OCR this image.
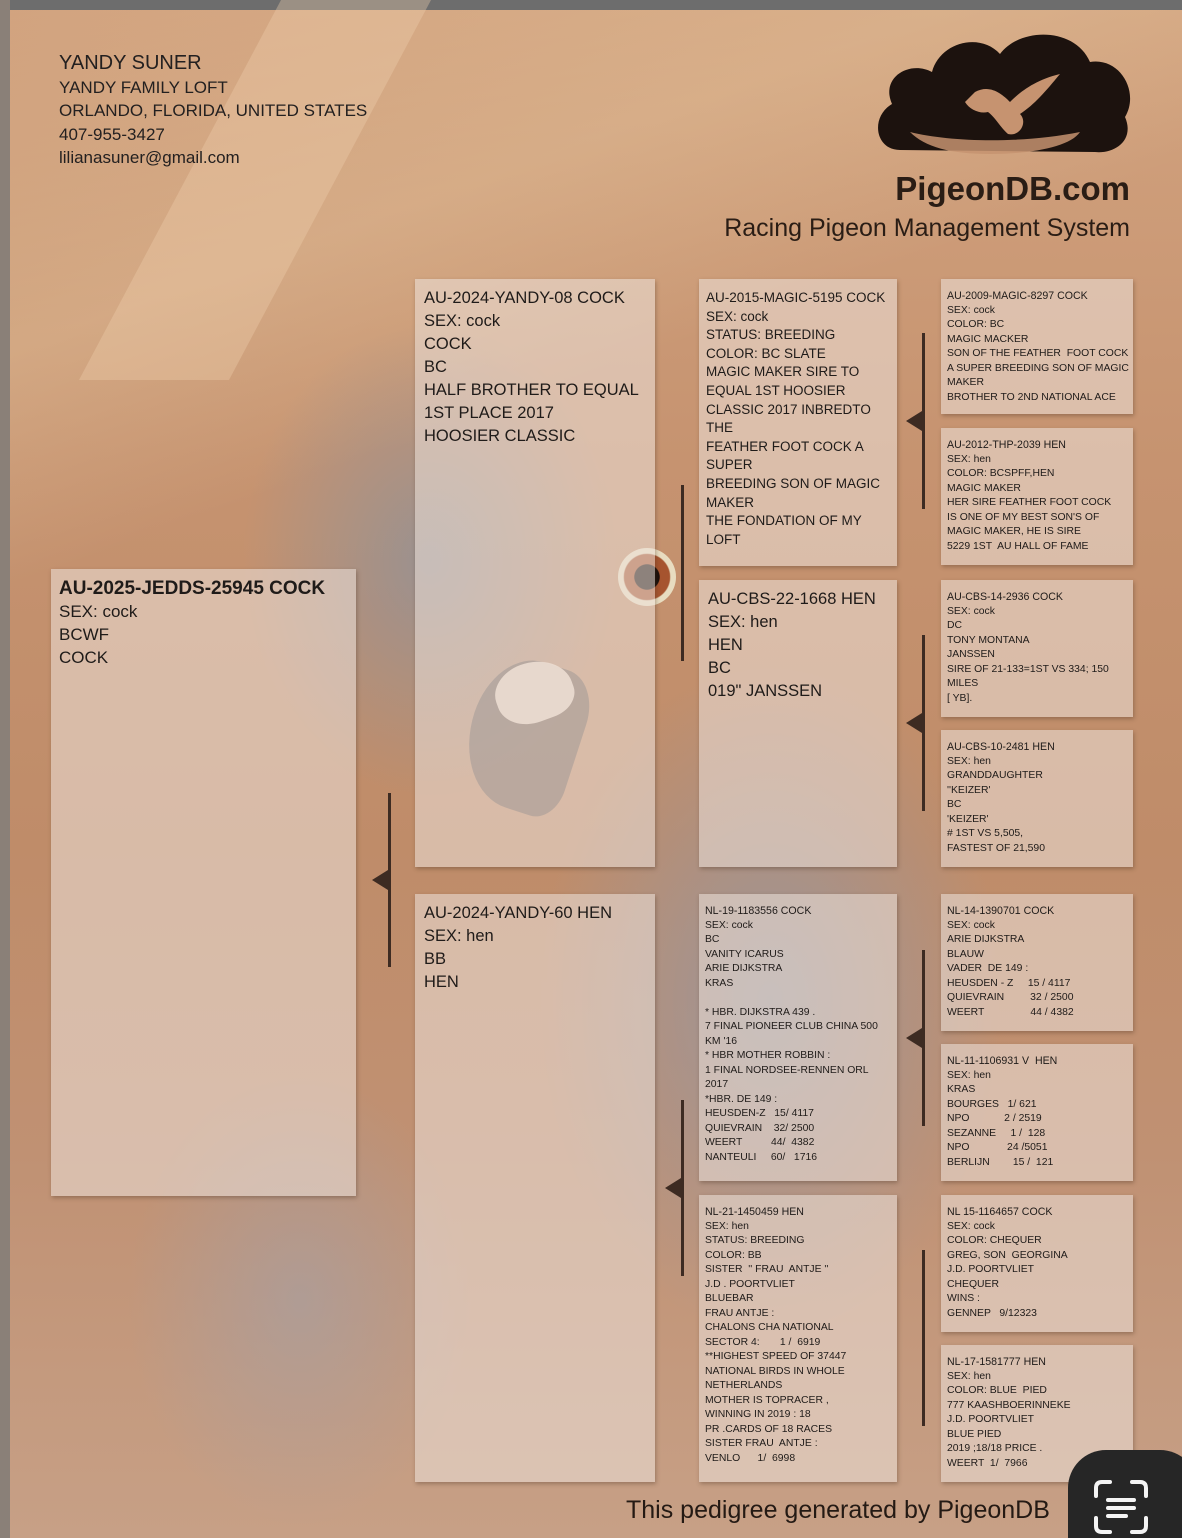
YANDY SUNER
YANDY FAMILY LOFT
ORLANDO, FLORIDA, UNITED STATES
407-955-3427
lilianasuner@gmail.com
PigeonDB.com
Racing Pigeon Management System
AU-2025-JEDDS-25945 COCK
SEX: cock
BCWF
COCK
AU-2024-YANDY-08 COCK
SEX: cock
COCK
BC
HALF BROTHER TO EQUAL
1ST PLACE 2017
HOOSIER CLASSIC
AU-2024-YANDY-60 HEN
SEX: hen
BB
HEN
AU-2015-MAGIC-5195 COCK
SEX: cock
STATUS: BREEDING
COLOR: BC SLATE
MAGIC MAKER SIRE TO
EQUAL 1ST HOOSIER
CLASSIC 2017 INBREDTO
THE
FEATHER FOOT COCK A
SUPER
BREEDING SON OF MAGIC
MAKER
THE FONDATION OF MY
LOFT
AU-CBS-22-1668 HEN
SEX: hen
HEN
BC
019" JANSSEN
NL-19-1183556 COCK
SEX: cock
BC
VANITY ICARUS
ARIE DIJKSTRA
KRAS

* HBR. DIJKSTRA 439 .
7 FINAL PIONEER CLUB CHINA 500
KM '16
* HBR MOTHER ROBBIN :
1 FINAL NORDSEE-RENNEN ORL
2017
*HBR. DE 149 :
HEUSDEN-Z   15/ 4117
QUIEVRAIN    32/ 2500
WEERT          44/  4382
NANTEULI     60/   1716
NL-21-1450459 HEN
SEX: hen
STATUS: BREEDING
COLOR: BB
SISTER  '' FRAU  ANTJE ''
J.D . POORTVLIET
BLUEBAR
FRAU ANTJE :
CHALONS CHA NATIONAL
SECTOR 4:       1 /  6919
**HIGHEST SPEED OF 37447
NATIONAL BIRDS IN WHOLE
NETHERLANDS
MOTHER IS TOPRACER ,
WINNING IN 2019 : 18
PR .CARDS OF 18 RACES
SISTER FRAU  ANTJE :
VENLO      1/  6998
AU-2009-MAGIC-8297 COCK
SEX: cock
COLOR: BC
MAGIC MACKER
SON OF THE FEATHER  FOOT COCK
A SUPER BREEDING SON OF MAGIC
MAKER
BROTHER TO 2ND NATIONAL ACE
AU-2012-THP-2039 HEN
SEX: hen
COLOR: BCSPFF,HEN
MAGIC MAKER
HER SIRE FEATHER FOOT COCK
IS ONE OF MY BEST SON'S OF
MAGIC MAKER, HE IS SIRE
5229 1ST  AU HALL OF FAME
AU-CBS-14-2936 COCK
SEX: cock
DC
TONY MONTANA
JANSSEN
SIRE OF 21-133=1ST VS 334; 150
MILES
[ YB].
AU-CBS-10-2481 HEN
SEX: hen
GRANDDAUGHTER
''KEIZER'
BC
'KEIZER'
# 1ST VS 5,505,
FASTEST OF 21,590
NL-14-1390701 COCK
SEX: cock
ARIE DIJKSTRA
BLAUW
VADER  DE 149 :
HEUSDEN - Z     15 / 4117
QUIEVRAIN         32 / 2500
WEERT                44 / 4382
NL-11-1106931 V  HEN
SEX: hen
KRAS
BOURGES   1/ 621
NPO            2 / 2519
SEZANNE     1 /  128
NPO             24 /5051
BERLIJN        15 /  121
NL 15-1164657 COCK
SEX: cock
COLOR: CHEQUER
GREG, SON  GEORGINA
J.D. POORTVLIET
CHEQUER
WINS :
GENNEP   9/12323
NL-17-1581777 HEN
SEX: hen
COLOR: BLUE  PIED
777 KAASHBOERINNEKE
J.D. POORTVLIET
BLUE PIED
2019 ;18/18 PRICE .
WEERT  1/  7966
This pedigree generated by PigeonDB
